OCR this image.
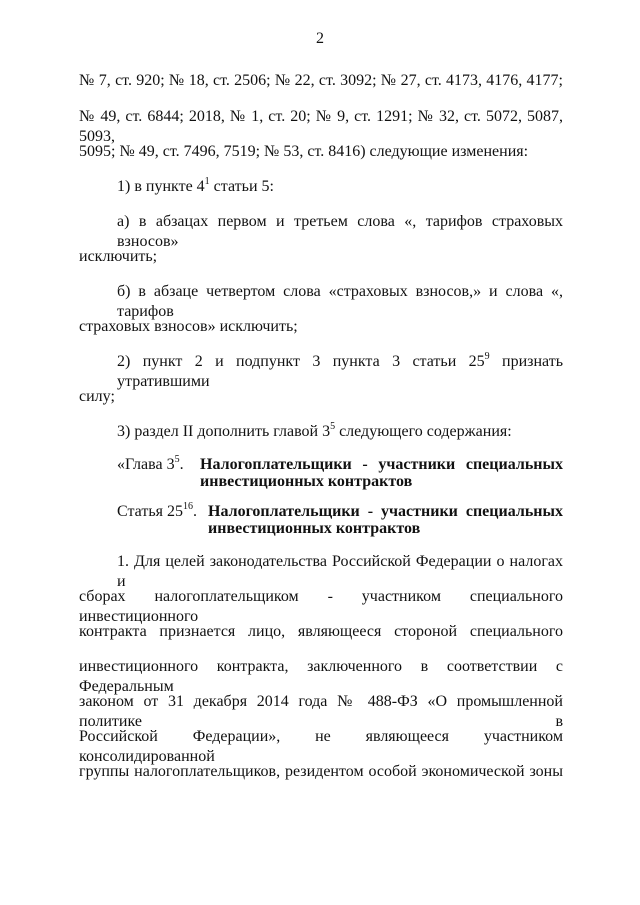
2
№ 7, ст. 920; № 18, ст. 2506; № 22, ст. 3092; № 27, ст. 4173, 4176, 4177;
№ 49, ст. 6844; 2018, № 1, ст. 20; № 9, ст. 1291; № 32, ст. 5072, 5087, 5093,
5095; № 49, ст. 7496, 7519; № 53, ст. 8416) следующие изменения:
1) в пункте $4^1$ статьи 5:
а) в абзацах первом и третьем слова «, тарифов страховых взносов»
исключить;
б) в абзаце четвертом слова «страховых взносов,» и слова «, тарифов
страховых взносов» исключить;
2) пункт 2 и подпункт 3 пункта 3 статьи $25^9$ признать утратившими
силу;
3) раздел II дополнить главой $3^5$ следующего содержания:
«Глава $3^5$. Налогоплательщики - участники специальных
инвестиционных контрактов
Статья $25^{16}$. Налогоплательщики - участники специальных
инвестиционных контрактов
1. Для целей законодательства Российской Федерации о налогах и
сборах налогоплательщиком - участником специального инвестиционного
контракта признается лицо, являющееся стороной специального
инвестиционного контракта, заключенного в соответствии с Федеральным
законом от 31 декабря 2014 года № 488-ФЗ «О промышленной политике в
Российской Федерации», не являющееся участником консолидированной
группы налогоплательщиков, резидентом особой экономической зоны
